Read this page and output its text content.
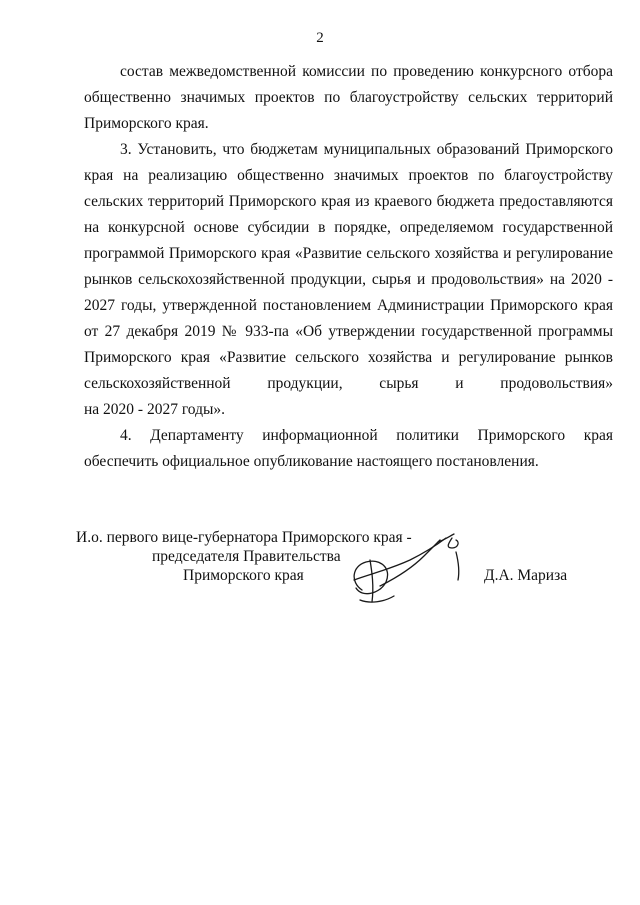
2
состав межведомственной комиссии по проведению конкурсного отбора
общественно значимых проектов по благоустройству сельских территорий
Приморского края.
3. Установить, что бюджетам муниципальных образований Приморского
края на реализацию общественно значимых проектов по благоустройству
сельских территорий Приморского края из краевого бюджета предоставляются
на конкурсной основе субсидии в порядке, определяемом государственной
программой Приморского края «Развитие сельского хозяйства и регулирование
рынков сельскохозяйственной продукции, сырья и продовольствия» на 2020 -
2027 годы, утвержденной постановлением Администрации Приморского края
от 27 декабря 2019 № 933-па «Об утверждении государственной программы
Приморского края «Развитие сельского хозяйства и регулирование рынков
сельскохозяйственной продукции, сырья и продовольствия»
на 2020 - 2027 годы».
4. Департаменту информационной политики Приморского края
обеспечить официальное опубликование настоящего постановления.
И.о. первого вице-губернатора Приморского края -
председателя Правительства
Приморского края	Д.А. Мариза
